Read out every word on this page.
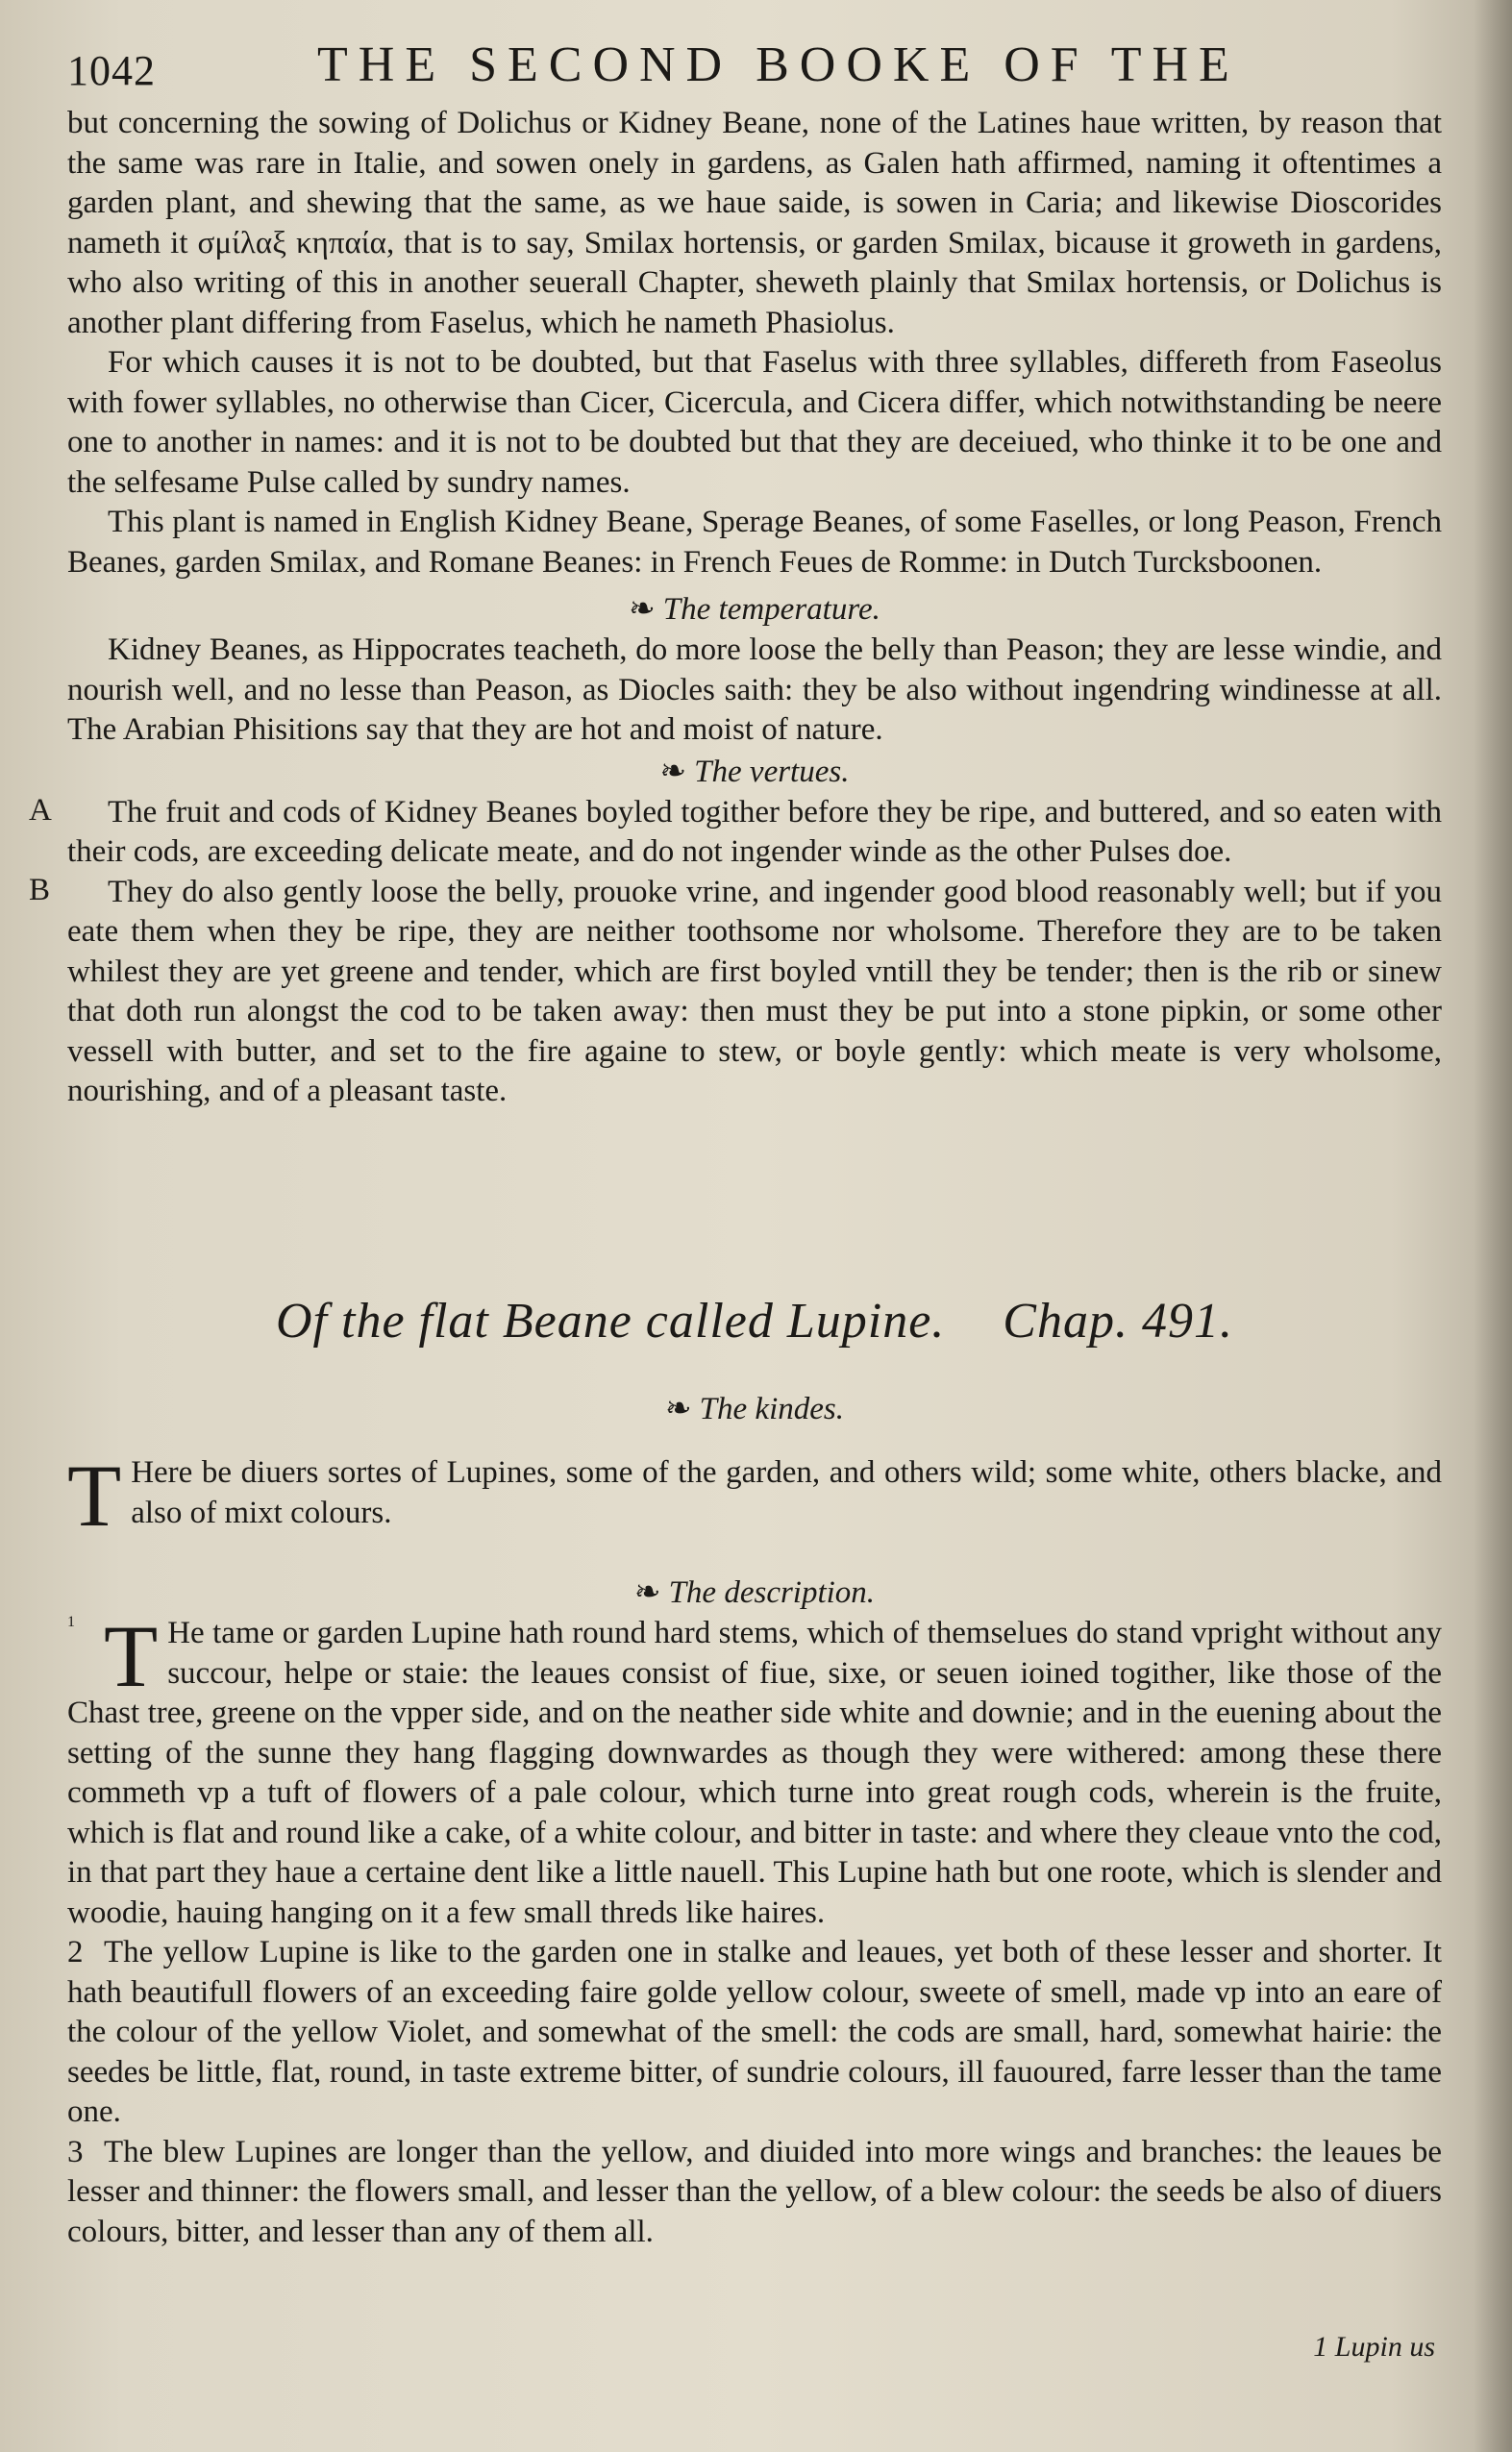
1042	THE SECOND BOOKE OF THE

but concerning the sowing of Dolichus or Kidney Beane, none of the Latines haue written, by reason that the same was rare in Italie, and sowen onely in gardens, as Galen hath affirmed, naming it oftentimes a garden plant, and shewing that the same, as we haue saide, is sowen in Caria; and likewise Dioscorides nameth it σμίλαξ κηπαία, that is to say, Smilax hortensis, or garden Smilax, bicause it groweth in gardens, who also writing of this in another seuerall Chapter, sheweth plainly that Smilax hortensis, or Dolichus is another plant differing from Faselus, which he nameth Phasiolus.

For which causes it is not to be doubted, but that Faselus with three syllables, differeth from Faseolus with fower syllables, no otherwise than Cicer, Cicercula, and Cicera differ, which notwithstanding be neere one to another in names: and it is not to be doubted but that they are deceiued, who thinke it to be one and the selfesame Pulse called by sundry names.

This plant is named in English Kidney Beane, Sperage Beanes, of some Faselles, or long Peason, French Beanes, garden Smilax, and Romane Beanes: in French Feues de Romme: in Dutch Turcksboonen.

❧ The temperature.

Kidney Beanes, as Hippocrates teacheth, do more loose the belly than Peason; they are lesse windie, and nourish well, and no lesse than Peason, as Diocles saith: they be also without ingendring windinesse at all. The Arabian Phisitions say that they are hot and moist of nature.

❧ The vertues.

A	The fruit and cods of Kidney Beanes boyled togither before they be ripe, and buttered, and so eaten with their cods, are exceeding delicate meate, and do not ingender winde as the other Pulses doe.

B	They do also gently loose the belly, prouoke vrine, and ingender good blood reasonably well; but if you eate them when they be ripe, they are neither toothsome nor wholsome. Therefore they are to be taken whilest they are yet greene and tender, which are first boyled vntill they be tender; then is the rib or sinew that doth run alongst the cod to be taken away: then must they be put into a stone pipkin, or some other vessell with butter, and set to the fire againe to stew, or boyle gently: which meate is very wholsome, nourishing, and of a pleasant taste.

Of the flat Beane called Lupine. Chap. 491.

❧ The kindes.

T Here be diuers sortes of Lupines, some of the garden, and others wild; some white, others blacke, and also of mixt colours.

❧ The description.

1 T He tame or garden Lupine hath round hard stems, which of themselues do stand vpright without any succour, helpe or staie: the leaues consist of fiue, sixe, or seuen ioined togither, like those of the Chast tree, greene on the vpper side, and on the neather side white and downie; and in the euening about the setting of the sunne they hang flagging downwardes as though they were withered: among these there commeth vp a tuft of flowers of a pale colour, which turne into great rough cods, wherein is the fruite, which is flat and round like a cake, of a white colour, and bitter in taste: and where they cleaue vnto the cod, in that part they haue a certaine dent like a little nauell. This Lupine hath but one roote, which is slender and woodie, hauing hanging on it a few small threds like haires.

2 The yellow Lupine is like to the garden one in stalke and leaues, yet both of these lesser and shorter. It hath beautifull flowers of an exceeding faire golde yellow colour, sweete of smell, made vp into an eare of the colour of the yellow Violet, and somewhat of the smell: the cods are small, hard, somewhat hairie: the seedes be little, flat, round, in taste extreme bitter, of sundrie colours, ill fauoured, farre lesser than the tame one.

3 The blew Lupines are longer than the yellow, and diuided into more wings and branches: the leaues be lesser and thinner: the flowers small, and lesser than the yellow, of a blew colour: the seeds be also of diuers colours, bitter, and lesser than any of them all.

1 Lupin us
